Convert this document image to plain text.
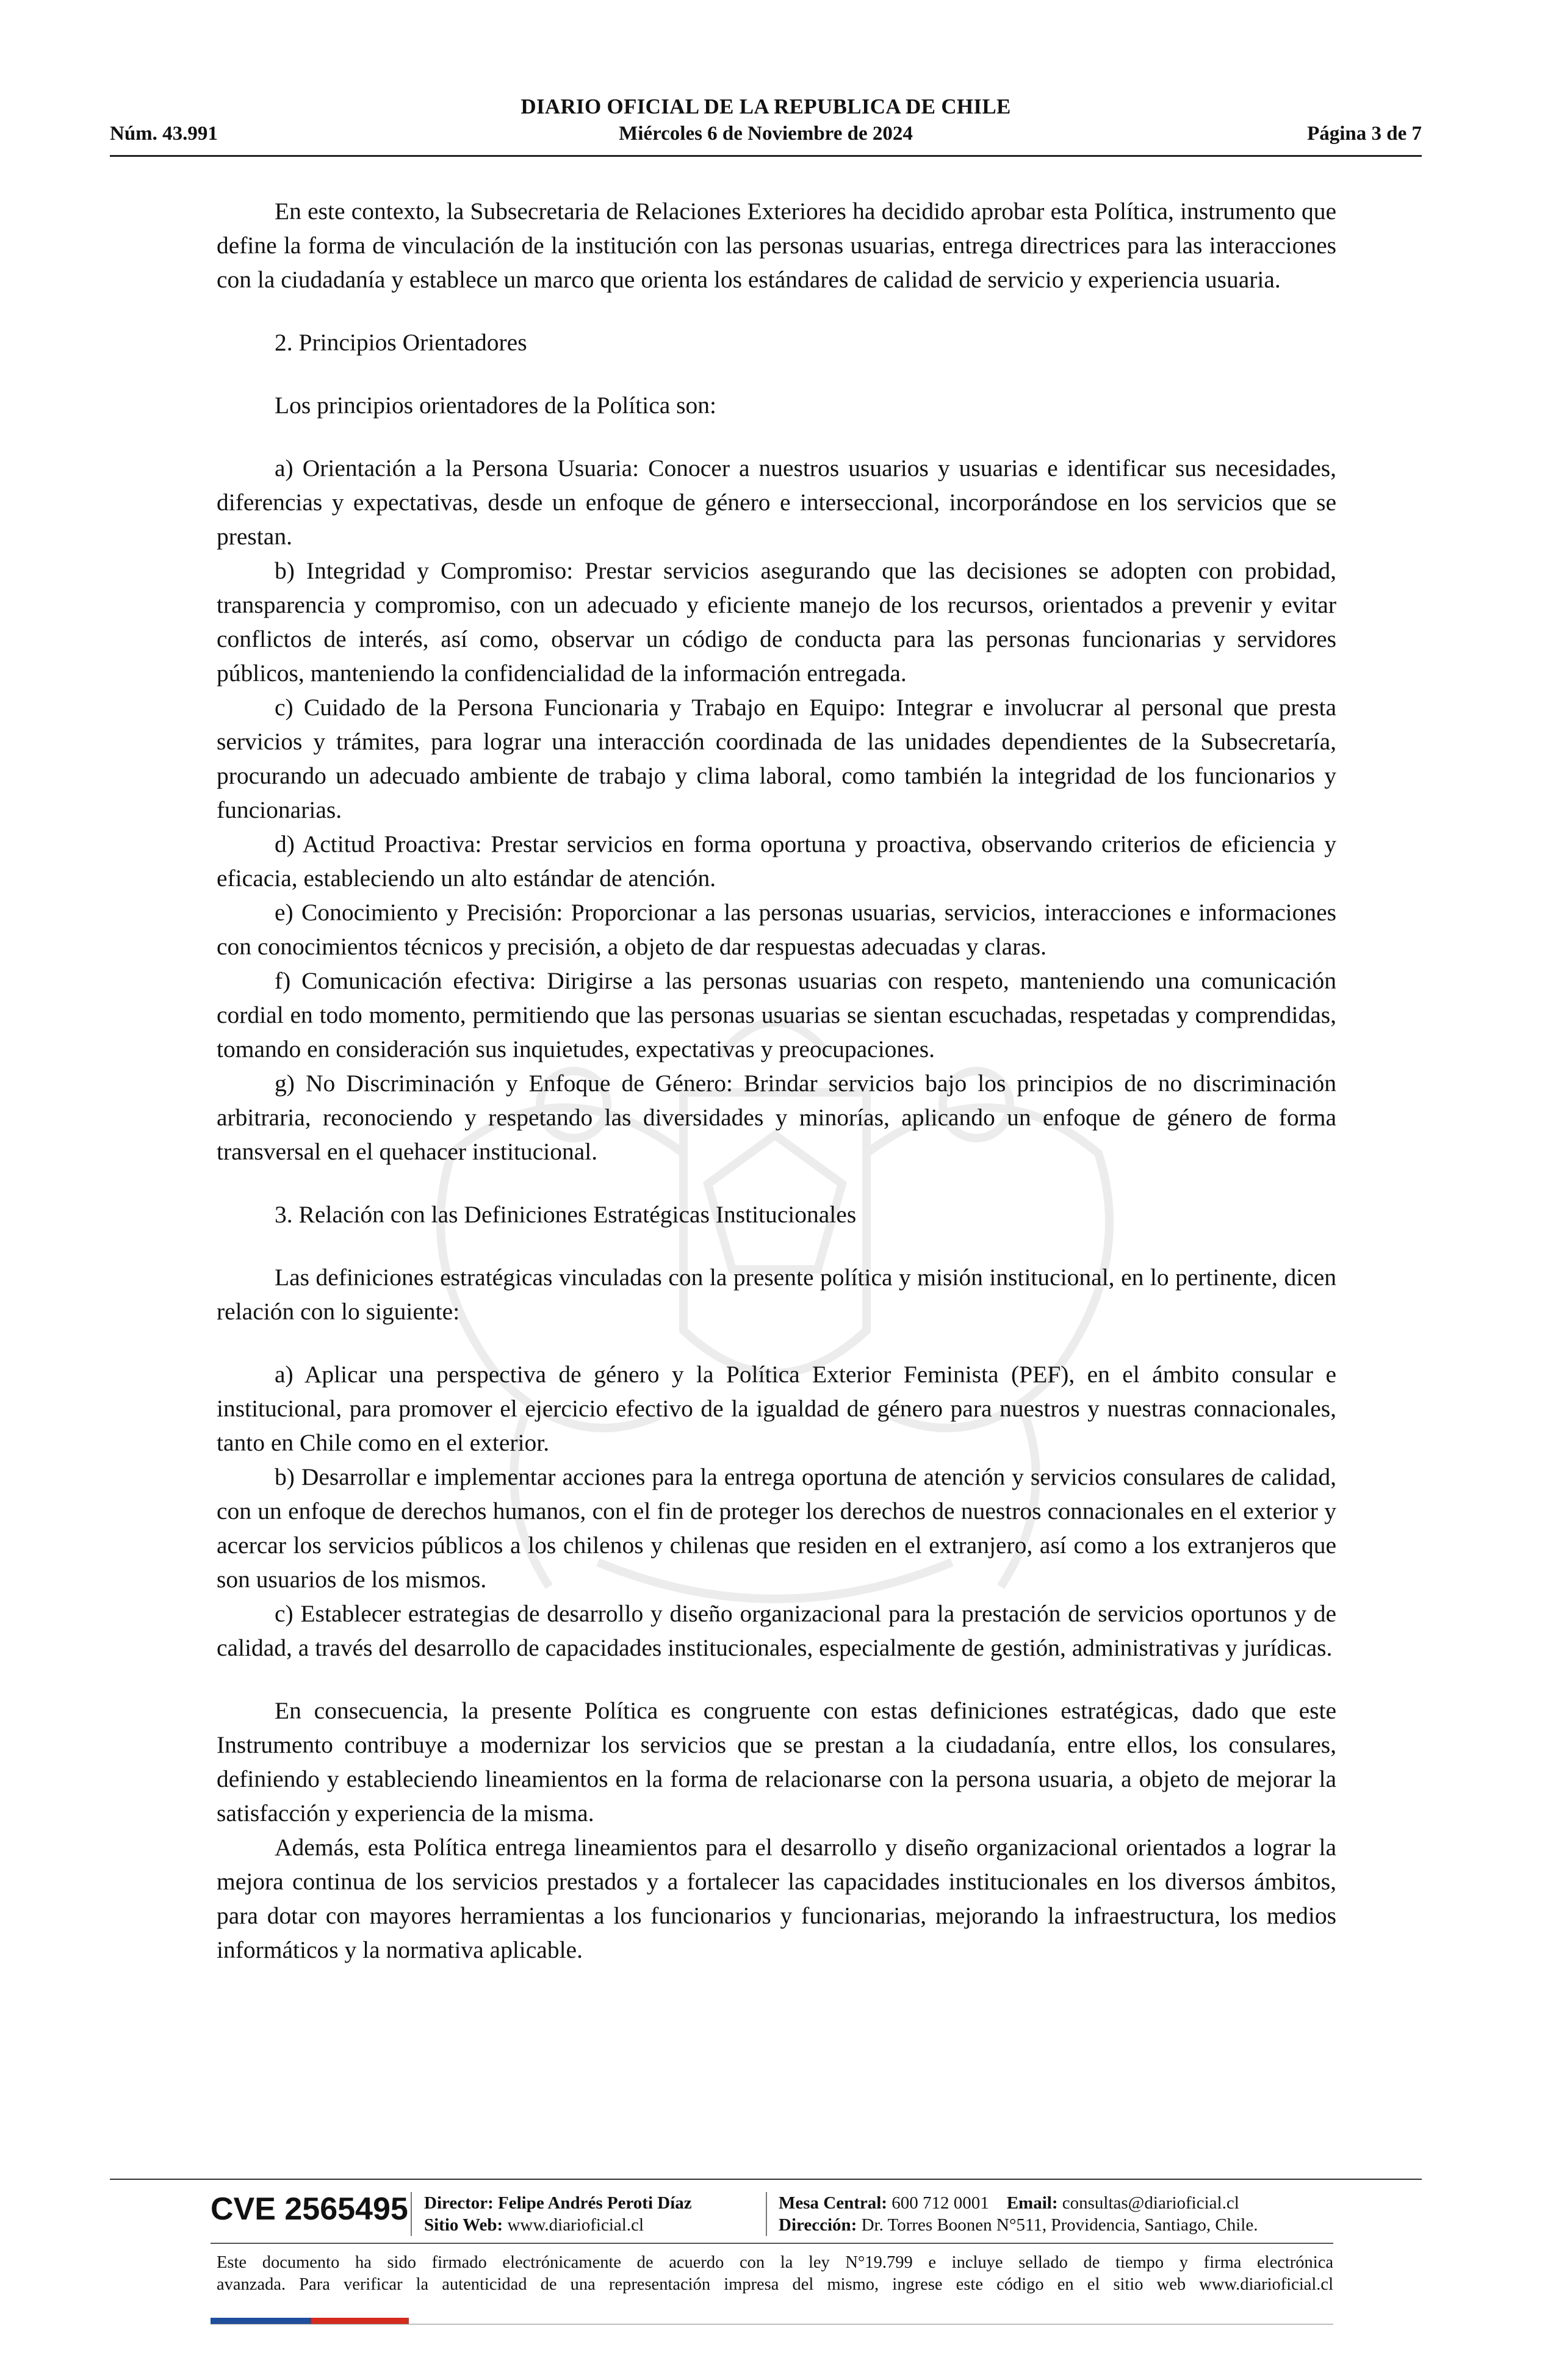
DIARIO OFICIAL DE LA REPUBLICA DE CHILE
Núm. 43.991	Miércoles 6 de Noviembre de 2024	Página 3 de 7

En este contexto, la Subsecretaria de Relaciones Exteriores ha decidido aprobar esta Política, instrumento que define la forma de vinculación de la institución con las personas usuarias, entrega directrices para las interacciones con la ciudadanía y establece un marco que orienta los estándares de calidad de servicio y experiencia usuaria.

2. Principios Orientadores

Los principios orientadores de la Política son:

a) Orientación a la Persona Usuaria: Conocer a nuestros usuarios y usuarias e identificar sus necesidades, diferencias y expectativas, desde un enfoque de género e interseccional, incorporándose en los servicios que se prestan.

b) Integridad y Compromiso: Prestar servicios asegurando que las decisiones se adopten con probidad, transparencia y compromiso, con un adecuado y eficiente manejo de los recursos, orientados a prevenir y evitar conflictos de interés, así como, observar un código de conducta para las personas funcionarias y servidores públicos, manteniendo la confidencialidad de la información entregada.

c) Cuidado de la Persona Funcionaria y Trabajo en Equipo: Integrar e involucrar al personal que presta servicios y trámites, para lograr una interacción coordinada de las unidades dependientes de la Subsecretaría, procurando un adecuado ambiente de trabajo y clima laboral, como también la integridad de los funcionarios y funcionarias.

d) Actitud Proactiva: Prestar servicios en forma oportuna y proactiva, observando criterios de eficiencia y eficacia, estableciendo un alto estándar de atención.

e) Conocimiento y Precisión: Proporcionar a las personas usuarias, servicios, interacciones e informaciones con conocimientos técnicos y precisión, a objeto de dar respuestas adecuadas y claras.

f) Comunicación efectiva: Dirigirse a las personas usuarias con respeto, manteniendo una comunicación cordial en todo momento, permitiendo que las personas usuarias se sientan escuchadas, respetadas y comprendidas, tomando en consideración sus inquietudes, expectativas y preocupaciones.

g) No Discriminación y Enfoque de Género: Brindar servicios bajo los principios de no discriminación arbitraria, reconociendo y respetando las diversidades y minorías, aplicando un enfoque de género de forma transversal en el quehacer institucional.

3. Relación con las Definiciones Estratégicas Institucionales

Las definiciones estratégicas vinculadas con la presente política y misión institucional, en lo pertinente, dicen relación con lo siguiente:

a) Aplicar una perspectiva de género y la Política Exterior Feminista (PEF), en el ámbito consular e institucional, para promover el ejercicio efectivo de la igualdad de género para nuestros y nuestras connacionales, tanto en Chile como en el exterior.

b) Desarrollar e implementar acciones para la entrega oportuna de atención y servicios consulares de calidad, con un enfoque de derechos humanos, con el fin de proteger los derechos de nuestros connacionales en el exterior y acercar los servicios públicos a los chilenos y chilenas que residen en el extranjero, así como a los extranjeros que son usuarios de los mismos.

c) Establecer estrategias de desarrollo y diseño organizacional para la prestación de servicios oportunos y de calidad, a través del desarrollo de capacidades institucionales, especialmente de gestión, administrativas y jurídicas.

En consecuencia, la presente Política es congruente con estas definiciones estratégicas, dado que este Instrumento contribuye a modernizar los servicios que se prestan a la ciudadanía, entre ellos, los consulares, definiendo y estableciendo lineamientos en la forma de relacionarse con la persona usuaria, a objeto de mejorar la satisfacción y experiencia de la misma.

Además, esta Política entrega lineamientos para el desarrollo y diseño organizacional orientados a lograr la mejora continua de los servicios prestados y a fortalecer las capacidades institucionales en los diversos ámbitos, para dotar con mayores herramientas a los funcionarios y funcionarias, mejorando la infraestructura, los medios informáticos y la normativa aplicable.

CVE 2565495 Director: Felipe Andrés Peroti Díaz
Sitio Web: www.diarioficial.cl
Mesa Central: 600 712 0001 Email: consultas@diarioficial.cl
Dirección: Dr. Torres Boonen N°511, Providencia, Santiago, Chile.
Este documento ha sido firmado electrónicamente de acuerdo con la ley N°19.799 e incluye sellado de tiempo y firma electrónica
avanzada. Para verificar la autenticidad de una representación impresa del mismo, ingrese este código en el sitio web www.diarioficial.cl
